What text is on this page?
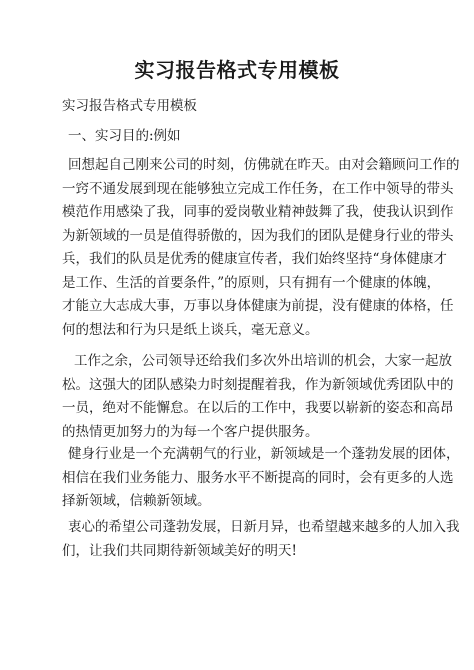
实习报告格式专用模板
实习报告格式专用模板
一、实习目的:例如
回想起自己刚来公司的时刻，仿佛就在昨天。由对会籍顾问工作的
一窍不通发展到现在能够独立完成工作任务，在工作中领导的带头
模范作用感染了我，同事的爱岗敬业精神鼓舞了我，使我认识到作
为新领域的一员是值得骄傲的，因为我们的团队是健身行业的带头
兵，我们的队员是优秀的健康宣传者，我们始终坚持“身体健康才
是工作、生活的首要条件，”的原则，只有拥有一个健康的体魄，
才能立大志成大事，万事以身体健康为前提，没有健康的体格，任
何的想法和行为只是纸上谈兵，毫无意义。
工作之余，公司领导还给我们多次外出培训的机会，大家一起放
松。这强大的团队感染力时刻提醒着我，作为新领域优秀团队中的
一员，绝对不能懈怠。在以后的工作中，我要以崭新的姿态和高昂
的热情更加努力的为每一个客户提供服务。
健身行业是一个充满朝气的行业，新领域是一个蓬勃发展的团体，
相信在我们业务能力、服务水平不断提高的同时，会有更多的人选
择新领域，信赖新领域。
衷心的希望公司蓬勃发展，日新月异，也希望越来越多的人加入我
们，让我们共同期待新领域美好的明天!
